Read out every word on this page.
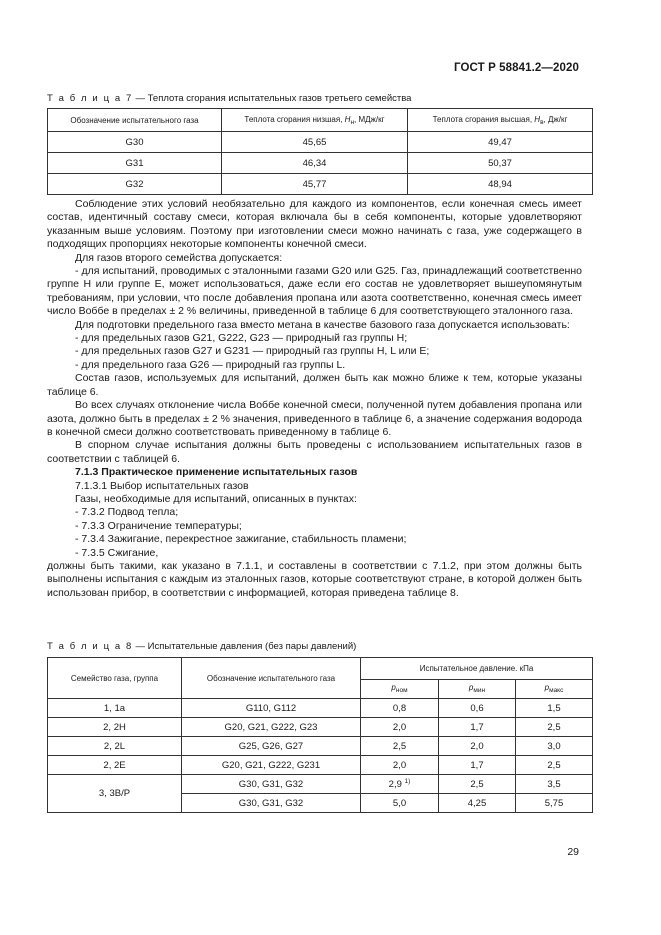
ГОСТ Р 58841.2—2020
Т а б л и ц а 7 — Теплота сгорания испытательных газов третьего семейства
Обозначение испытательного газа	Теплота сгорания низшая, $H_н$, МДж/кг	Теплота сгорания высшая, $H_в$, Дж/кг
G30	45,65	49,47
G31	46,34	50,37
G32	45,77	48,94

Соблюдение этих условий необязательно для каждого из компонентов, если конечная смесь имеет состав, идентичный составу смеси, которая включала бы в себя компоненты, которые удовлетворяют указанным выше условиям. Поэтому при изготовлении смеси можно начинать с газа, уже содержащего в подходящих пропорциях некоторые компоненты конечной смеси.

Для газов второго семейства допускается:

- для испытаний, проводимых с эталонными газами G20 или G25. Газ, принадлежащий соответственно группе H или группе E, может использоваться, даже если его состав не удовлетворяет вышеупомянутым требованиям, при условии, что после добавления пропана или азота соответственно, конечная смесь имеет число Воббе в пределах ± 2 % величины, приведенной в таблице 6 для соответствующего эталонного газа.

Для подготовки предельного газа вместо метана в качестве базового газа допускается использовать:

- для предельных газов G21, G222, G23 — природный газ группы H;

- для предельных газов G27 и G231 — природный газ группы H, L или E;

- для предельного газа G26 — природный газ группы L.

Состав газов, используемых для испытаний, должен быть как можно ближе к тем, которые указаны таблице 6.

Во всех случаях отклонение числа Воббе конечной смеси, полученной путем добавления пропана или азота, должно быть в пределах ± 2 % значения, приведенного в таблице 6, а значение содержания водорода в конечной смеси должно соответствовать приведенному в таблице 6.

В спорном случае испытания должны быть проведены с использованием испытательных газов в соответствии с таблицей 6.

7.1.3 Практическое применение испытательных газов

7.1.3.1 Выбор испытательных газов

Газы, необходимые для испытаний, описанных в пунктах:

- 7.3.2 Подвод тепла;

- 7.3.3 Ограничение температуры;

- 7.3.4 Зажигание, перекрестное зажигание, стабильность пламени;

- 7.3.5 Сжигание,

должны быть такими, как указано в 7.1.1, и составлены в соответствии с 7.1.2, при этом должны быть выполнены испытания с каждым из эталонных газов, которые соответствуют стране, в которой должен быть использован прибор, в соответствии с информацией, которая приведена таблице 8.

Т а б л и ц а 8 — Испытательные давления (без пары давлений)
Семейство газа, группа	Обозначение испытательного газа	Испытательное давление. кПа		
		$p_{ном}$	$p_{мин}$	$p_{макс}$
1, 1a	G110, G112	0,8	0,6	1,5
2, 2H	G20, G21, G222, G23	2,0	1,7	2,5
2, 2L	G25, G26, G27	2,5	2,0	3,0
2, 2E	G20, G21, G222, G231	2,0	1,7	2,5
3, 3B/P	G30, G31, G32	2,9 $^{1)}$	2,5	3,5
	G30, G31, G32	5,0	4,25	5,75
29
